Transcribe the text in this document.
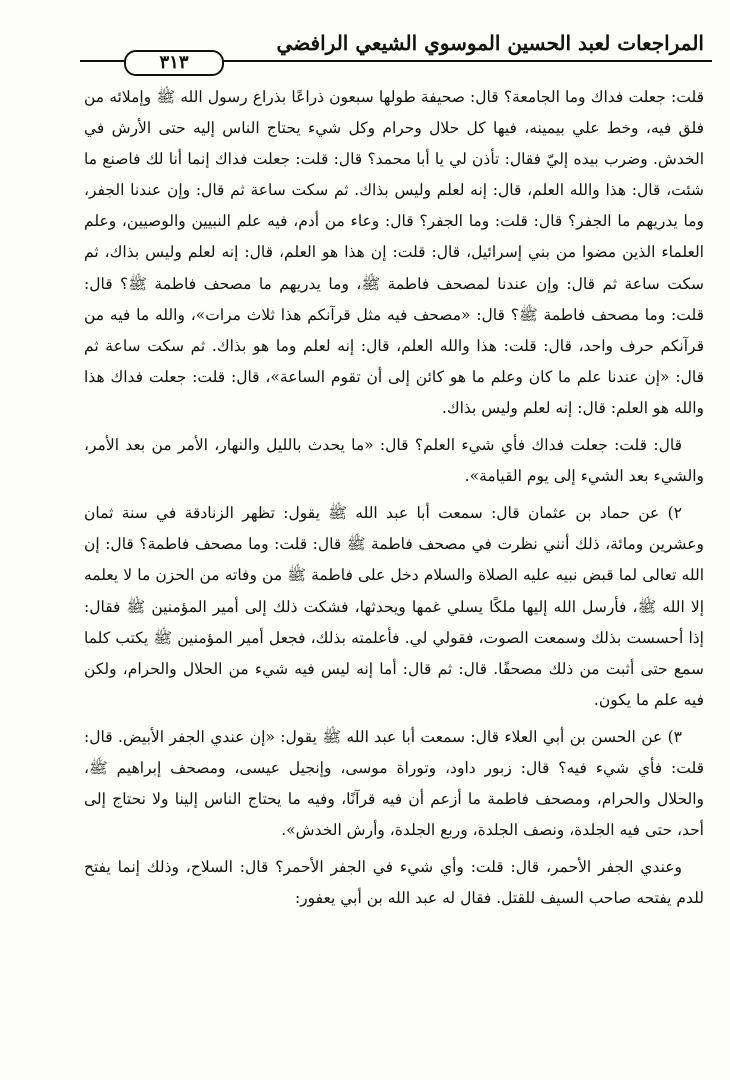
المراجعات لعبد الحسين الموسوي الشيعي الرافضي
٣١٣

قلت: جعلت فداك وما الجامعة؟ قال: صحيفة طولها سبعون ذراعًا بذراع رسول الله ﷺ وإملائه من فلق فيه، وخط علي بيمينه، فيها كل حلال وحرام وكل شيء يحتاج الناس إليه حتى الأرش في الخدش. وضرب بيده إليّ فقال: تأذن لي يا أبا محمد؟ قال: قلت: جعلت فداك إنما أنا لك فاصنع ما شئت، قال: هذا والله العلم، قال: إنه لعلم وليس بذاك. ثم سكت ساعة ثم قال: وإن عندنا الجفر، وما يدريهم ما الجفر؟ قال: قلت: وما الجفر؟ قال: وعاء من أدم، فيه علم النبيين والوصيين، وعلم العلماء الذين مضوا من بني إسرائيل، قال: قلت: إن هذا هو العلم، قال: إنه لعلم وليس بذاك، ثم سكت ساعة ثم قال: وإن عندنا لمصحف فاطمة ﷺ، وما يدريهم ما مصحف فاطمة ﷺ؟ قال: قلت: وما مصحف فاطمة ﷺ؟ قال: «مصحف فيه مثل قرآنكم هذا ثلاث مرات»، والله ما فيه من قرآنكم حرف واحد، قال: قلت: هذا والله العلم، قال: إنه لعلم وما هو بذاك. ثم سكت ساعة ثم قال: «إن عندنا علم ما كان وعلم ما هو كائن إلى أن تقوم الساعة»، قال: قلت: جعلت فداك هذا والله هو العلم: قال: إنه لعلم وليس بذاك.

قال: قلت: جعلت فداك فأي شيء العلم؟ قال: «ما يحدث بالليل والنهار، الأمر من بعد الأمر، والشيء بعد الشيء إلى يوم القيامة».

٢) عن حماد بن عثمان قال: سمعت أبا عبد الله ﷺ يقول: تظهر الزنادقة في سنة ثمان وعشرين ومائة، ذلك أنني نظرت في مصحف فاطمة ﷺ قال: قلت: وما مصحف فاطمة؟ قال: إن الله تعالى لما قبض نبيه عليه الصلاة والسلام دخل على فاطمة ﷺ من وفاته من الحزن ما لا يعلمه إلا الله ﷺ، فأرسل الله إليها ملكًا يسلي غمها ويحدثها، فشكت ذلك إلى أمير المؤمنين ﷺ فقال: إذا أحسست بذلك وسمعت الصوت، فقولي لي. فأعلمته بذلك، فجعل أمير المؤمنين ﷺ يكتب كلما سمع حتى أثبت من ذلك مصحفًا. قال: ثم قال: أما إنه ليس فيه شيء من الحلال والحرام، ولكن فيه علم ما يكون.

٣) عن الحسن بن أبي العلاء قال: سمعت أبا عبد الله ﷺ يقول: «إن عندي الجفر الأبيض. قال: قلت: فأي شيء فيه؟ قال: زبور داود، وتوراة موسى، وإنجيل عيسى، ومصحف إبراهيم ﷺ، والحلال والحرام، ومصحف فاطمة ما أزعم أن فيه قرآنًا، وفيه ما يحتاج الناس إلينا ولا نحتاج إلى أحد، حتى فيه الجلدة، ونصف الجلدة، وربع الجلدة، وأرش الخدش».

وعندي الجفر الأحمر، قال: قلت: وأي شيء في الجفر الأحمر؟ قال: السلاح، وذلك إنما يفتح للدم يفتحه صاحب السيف للقتل. فقال له عبد الله بن أبي يعفور:
